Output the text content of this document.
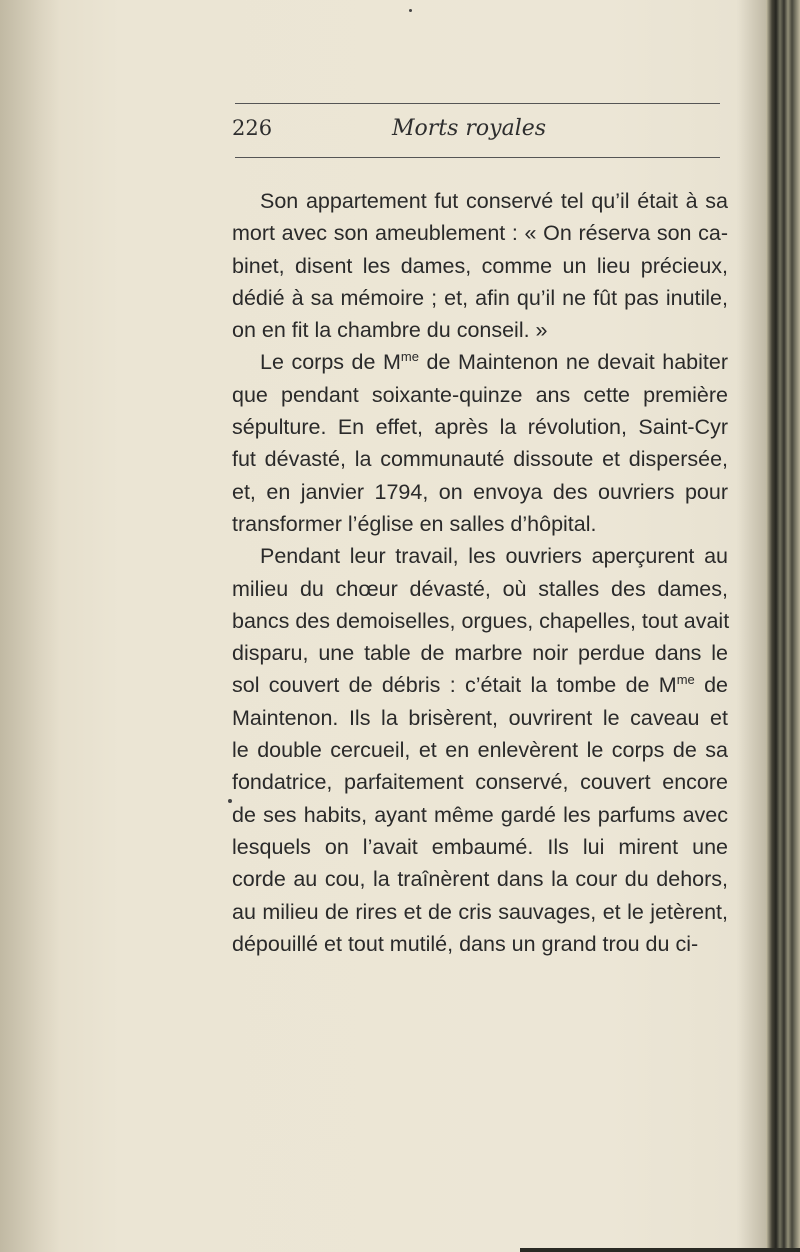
226	Morts royales
Son appartement fut conservé tel qu’il était à sa
mort avec son ameublement : « On réserva son ca-
binet, disent les dames, comme un lieu précieux,
dédié à sa mémoire ; et, afin qu’il ne fût pas inutile,
on en fit la chambre du conseil. »
Le corps de $M^{me}$ de Maintenon ne devait habiter
que pendant soixante-quinze ans cette première
sépulture. En effet, après la révolution, Saint-Cyr
fut dévasté, la communauté dissoute et dispersée,
et, en janvier 1794, on envoya des ouvriers pour
transformer l’église en salles d’hôpital.
Pendant leur travail, les ouvriers aperçurent au
milieu du chœur dévasté, où stalles des dames,
bancs des demoiselles, orgues, chapelles, tout avait
disparu, une table de marbre noir perdue dans le
sol couvert de débris : c’était la tombe de $M^{me}$ de
Maintenon. Ils la brisèrent, ouvrirent le caveau et
le double cercueil, et en enlevèrent le corps de sa
fondatrice, parfaitement conservé, couvert encore
de ses habits, ayant même gardé les parfums avec
lesquels on l’avait embaumé. Ils lui mirent une
corde au cou, la traînèrent dans la cour du dehors,
au milieu de rires et de cris sauvages, et le jetèrent,
dépouillé et tout mutilé, dans un grand trou du ci-
